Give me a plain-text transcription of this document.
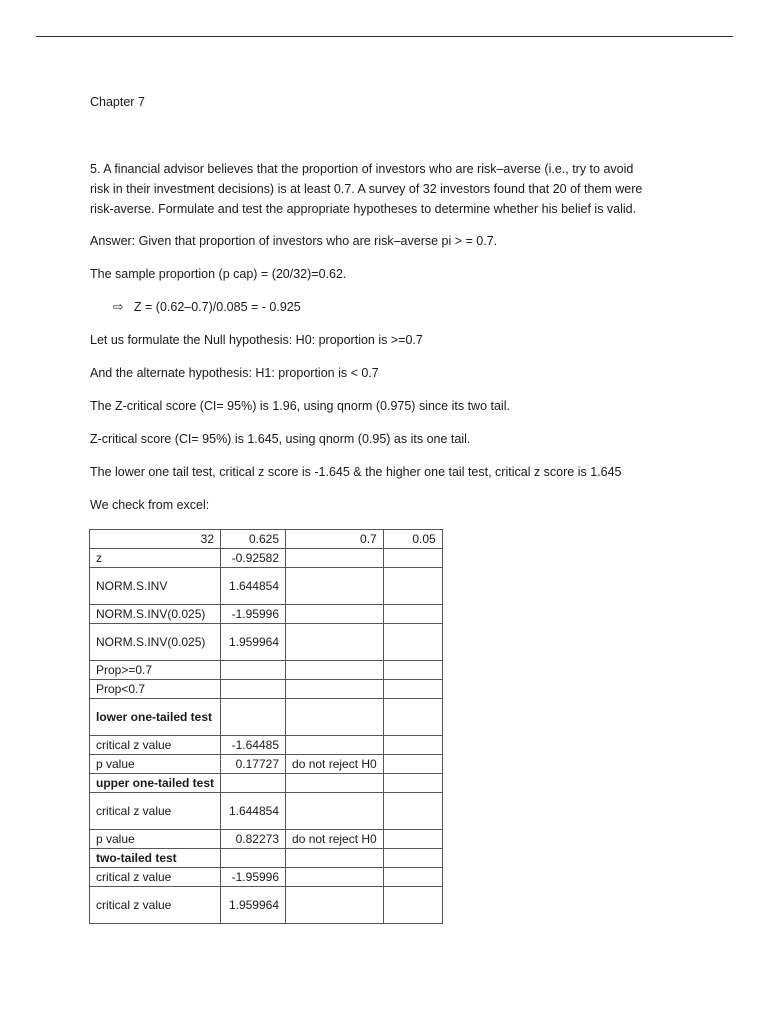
Chapter 7

5. A financial advisor believes that the proportion of investors who are risk–averse (i.e., try to avoid risk in their investment decisions) is at least 0.7. A survey of 32 investors found that 20 of them were risk-averse. Formulate and test the appropriate hypotheses to determine whether his belief is valid.

Answer: Given that proportion of investors who are risk–averse pi > = 0.7.

The sample proportion (p cap) = (20/32)=0.62.

⇨ Z = (0.62–0.7)/0.085 = - 0.925

Let us formulate the Null hypothesis: H0: proportion is >=0.7

And the alternate hypothesis: H1: proportion is < 0.7

The Z-critical score (CI= 95%) is 1.96, using qnorm (0.975) since its two tail.

Z-critical score (CI= 95%) is 1.645, using qnorm (0.95) as its one tail.

The lower one tail test, critical z score is -1.645 & the higher one tail test, critical z score is 1.645

We check from excel:

32	0.625	0.7	0.05
z	-0.92582		
NORM.S.INV	1.644854		
NORM.S.INV(0.025)	-1.95996		
NORM.S.INV(0.025)	1.959964		
Prop>=0.7			
Prop<0.7			
lower one-tailed test			
critical z value	-1.64485		
p value	0.17727	do not reject H0	
upper one-tailed test			
critical z value	1.644854		
p value	0.82273	do not reject H0	
two-tailed test			
critical z value	-1.95996		
critical z value	1.959964		
